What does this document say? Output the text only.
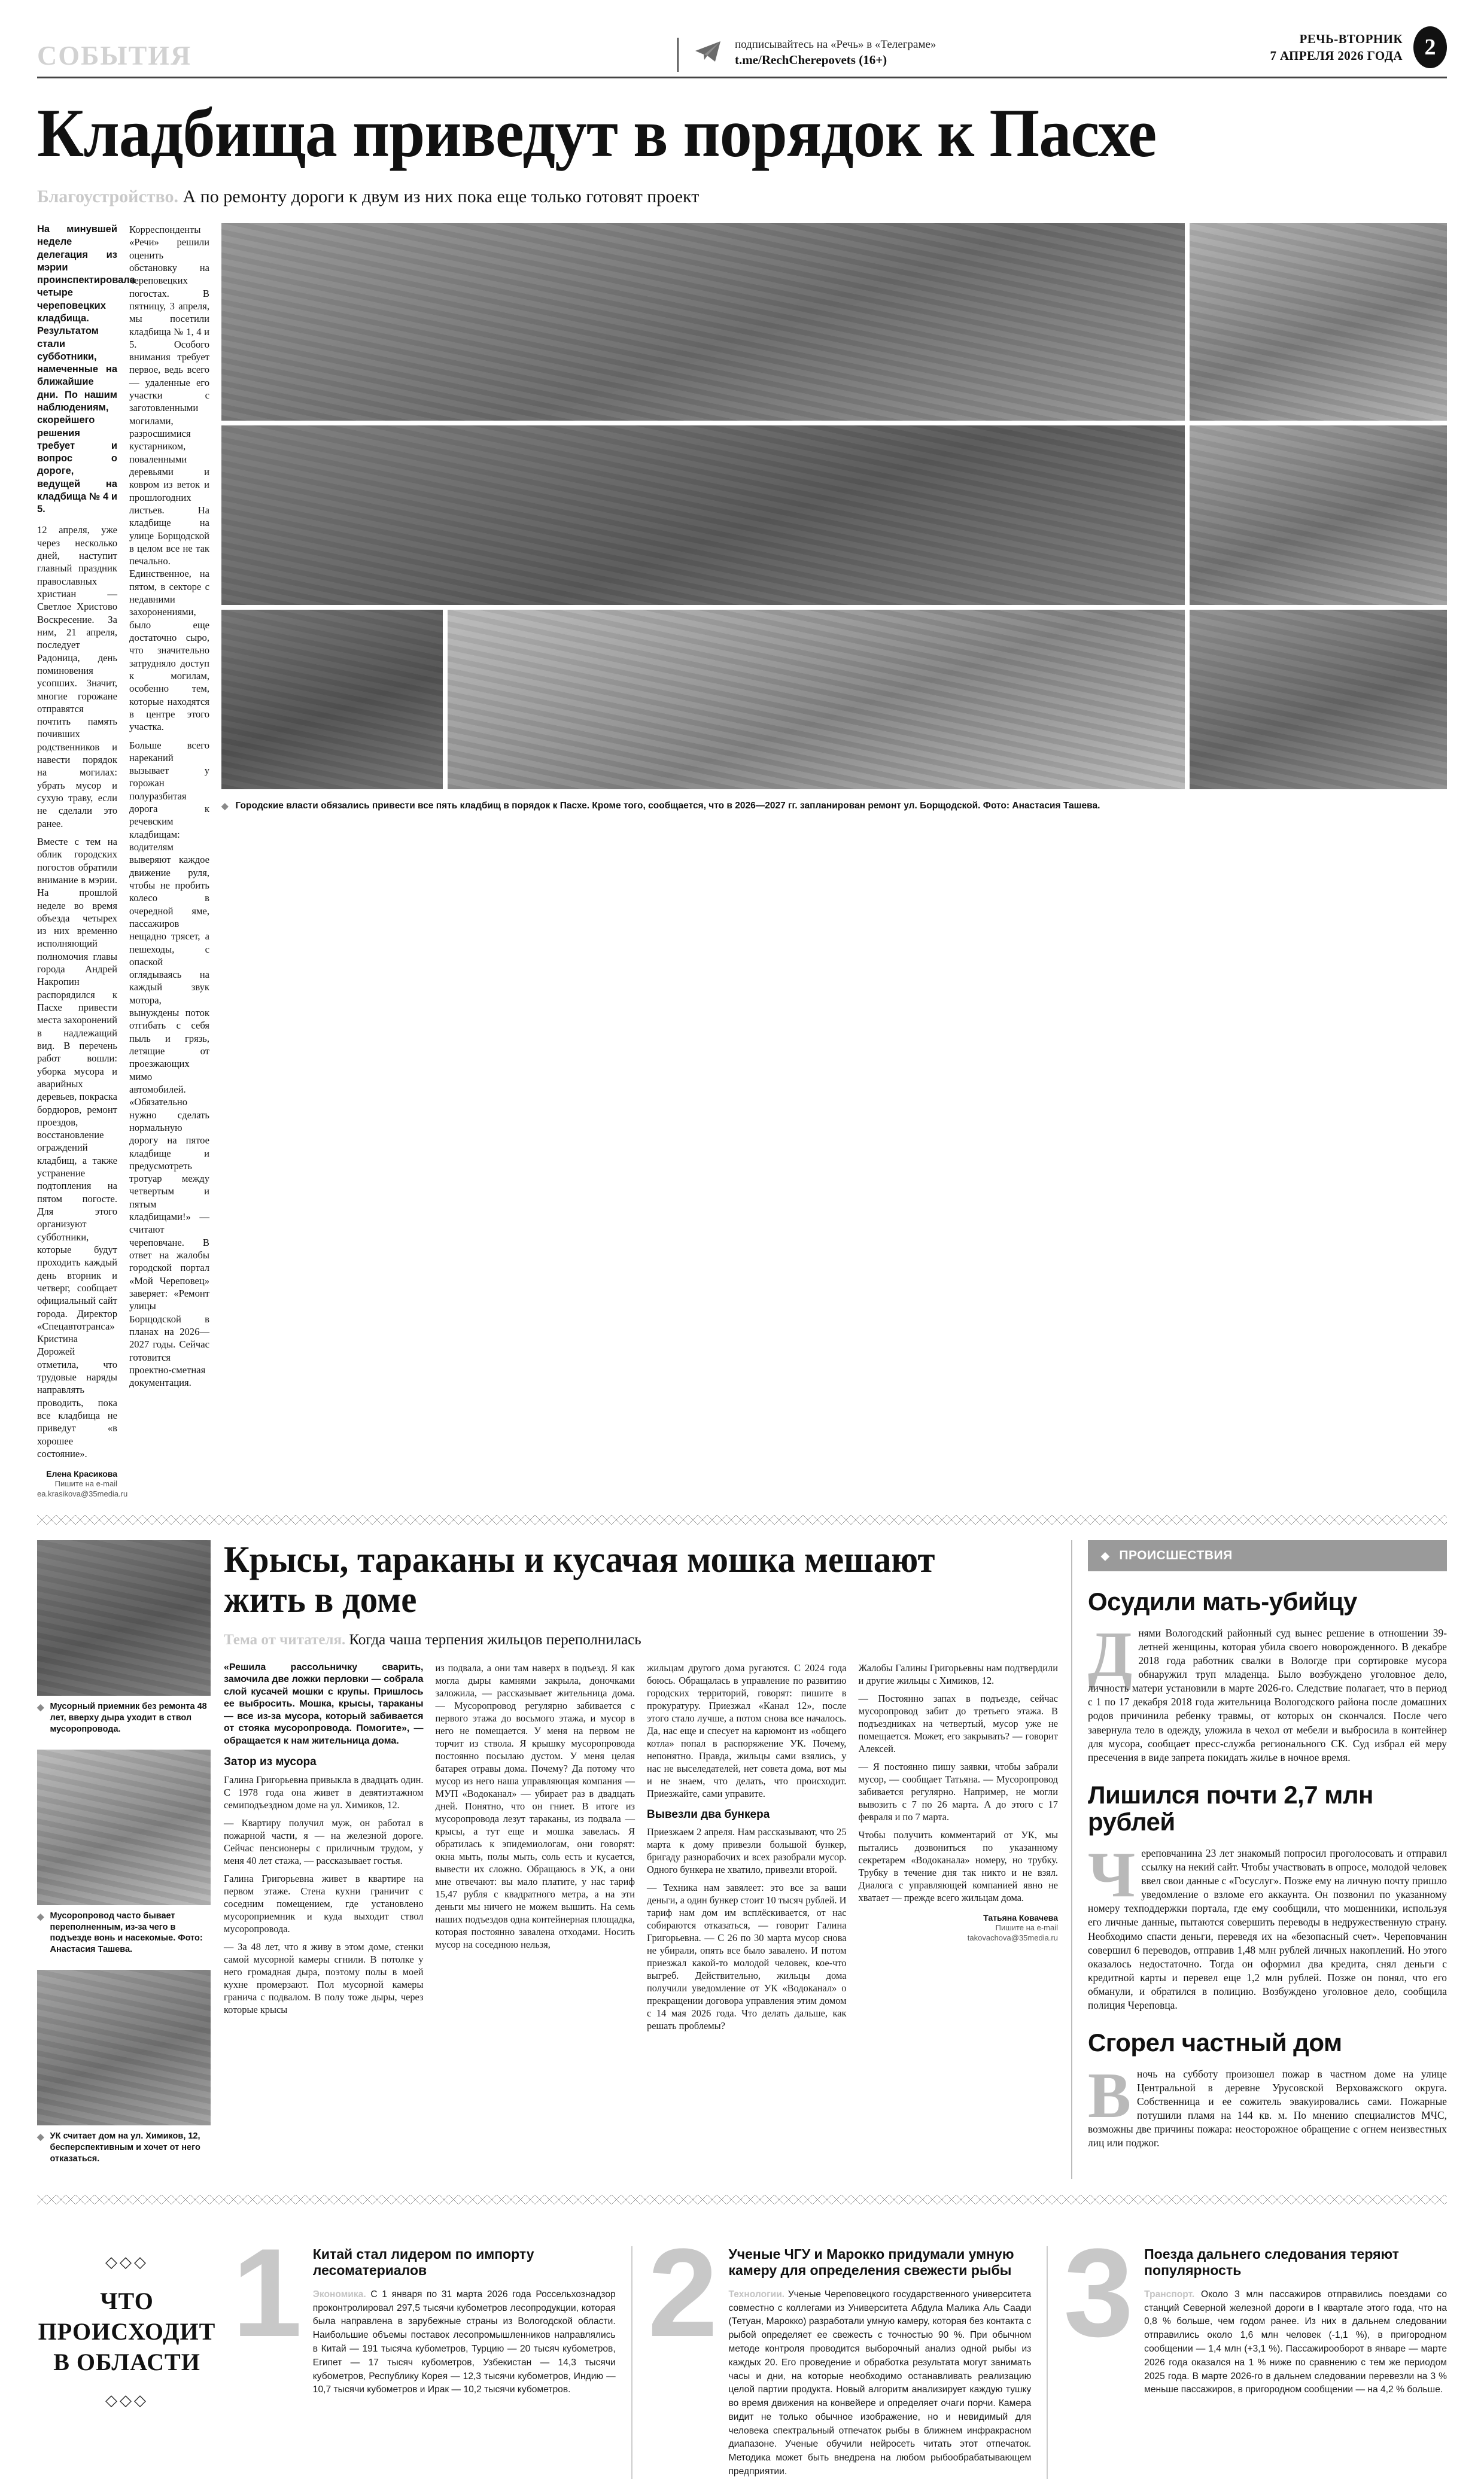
СОБЫТИЯ	подписывайтесь на «Речь» в «Телеграме»
t.me/RechCherepovets (16+)
РЕЧЬ-ВТОРНИК
7 АПРЕЛЯ 2026 ГОДА 2
Кладбища приведут в порядок к Пасхе
Благоустройство. А по ремонту дороги к двум из них пока еще только готовят проект
На минувшей неделе делегация из мэрии проинспектировала четыре череповецких кладбища. Результатом стали субботники, намеченные на ближайшие дни. По нашим наблюдениям, скорейшего решения требует и вопрос о дороге, ведущей на кладбища № 4 и 5.

12 апреля, уже через несколько дней, наступит главный праздник православных христиан — Светлое Христово Воскресение. За ним, 21 апреля, последует Радоница, день поминовения усопших. Значит, многие горожане отправятся почтить память почивших родственников и навести порядок на могилах: убрать мусор и сухую траву, если не сделали это ранее.

Вместе с тем на облик городских погостов обратили внимание в мэрии. На прошлой неделе во время объезда четырех из них временно исполняющий полномочия главы города Андрей Накропин распорядился к Пасхе привести места захоронений в надлежащий вид. В перечень работ вошли: уборка мусора и аварийных деревьев, покраска бордюров, ремонт проездов, восстановление ограждений кладбищ, а также устранение подтопления на пятом погосте. Для этого организуют субботники, которые будут проходить каждый день вторник и четверг, сообщает официальный сайт города. Директор «Спецавтотранса» Кристина Дорожей отметила, что трудовые наряды направлять проводить, пока все кладбища не приведут «в хорошее состояние».

Елена Красикова
Пишите на e-mail
ea.krasikova@35media.ru

Корреспонденты «Речи» решили оценить обстановку на череповецких погостах. В пятницу, 3 апреля, мы посетили кладбища № 1, 4 и 5. Особого внимания требует первое, ведь всего — удаленные его участки с заготовленными могилами, разросшимися кустарником, поваленными деревьями и ковром из веток и прошлогодних листьев. На кладбище на улице Борщодской в целом все не так печально. Единственное, на пятом, в секторе с недавними захоронениями, было еще достаточно сыро, что значительно затрудняло доступ к могилам, особенно тем, которые находятся в центре этого участка.

Больше всего нареканий вызывает у горожан полуразбитая дорога к речевским кладбищам: водителям выверяют каждое движение руля, чтобы не пробить колесо в очередной яме, пассажиров нещадно трясет, а пешеходы, с опаской оглядываясь на каждый звук мотора, вынуждены поток отгибать с себя пыль и грязь, летящие от проезжающих мимо автомобилей. «Обязательно нужно сделать нормальную дорогу на пятое кладбище и предусмотреть тротуар между четвертым и пятым кладбищами!» — считают череповчане. В ответ на жалобы городской портал «Мой Череповец» заверяет: «Ремонт улицы Борщодской в планах на 2026—2027 годы. Сейчас готовится проектно-сметная документация.

◆ Городские власти обязались привести все пять кладбищ в порядок к Пасхе. Кроме того, сообщается, что в 2026—2027 гг. запланирован ремонт ул. Борщодской. Фото: Анастасия Ташева.
◆ Мусорный приемник без ремонта 48 лет, вверху дыра уходит в ствол мусоропровода.
◆ Мусоропровод часто бывает переполненным, из-за чего в подъезде вонь и насекомые. Фото: Анастасия Ташева.
◆ УК считает дом на ул. Химиков, 12, бесперспективным и хочет от него отказаться.
Крысы, тараканы и кусачая мошка мешают жить в доме
Тема от читателя. Когда чаша терпения жильцов переполнилась

«Решила рассольничку сварить, замочила две ложки перловки — собрала слой кусачей мошки с крупы. Пришлось ее выбросить. Мошка, крысы, тараканы — все из-за мусора, который забивается от стояка мусоропровода. Помогите», — обращается к нам жительница дома.

Затор из мусора

Галина Григорьевна привыкла в двадцать один. С 1978 года она живет в девятиэтажном семиподъездном доме на ул. Химиков, 12.

— Квартиру получил муж, он работал в пожарной части, я — на железной дороге. Сейчас пенсионеры с приличным трудом, у меня 40 лет стажа, — рассказывает гостья.

Галина Григорьевна живет в квартире на первом этаже. Стена кухни граничит с соседним помещением, где установлено мусороприемник и куда выходит ствол мусоропровода.

— За 48 лет, что я живу в этом доме, стенки самой мусорной камеры сгнили. В потолке у него громадная дыра, поэтому полы в моей кухне промерзают. Пол мусорной камеры гранича с подвалом. В полу тоже дыры, через которые крысы

из подвала, а они там наверх в подъезд. Я как могла дыры камнями закрыла, доночками заложила, — рассказывает жительница дома. — Мусоропровод регулярно забивается с первого этажа до восьмого этажа, и мусор в него не помещается. У меня на первом не торчит из ствола. Я крышку мусоропровода постоянно посылаю дустом. У меня целая батарея отравы дома. Почему? Да потому что мусор из него наша управляющая компания — МУП «Водоканал» — убирает раз в двадцать дней. Понятно, что он гниет. В итоге из мусоропровода лезут тараканы, из подвала — крысы, а тут еще и мошка завелась. Я обратилась к эпидемиологам, они говорят: окна мыть, полы мыть, соль есть и кусается, вывести их сложно. Обращаюсь в УК, а они мне отвечают: вы мало платите, у нас тариф 15,47 рубля с квадратного метра, а на эти деньги мы ничего не можем вышить. На семь наших подъездов одна контейнерная площадка, которая постоянно завалена отходами. Носить мусор на соседнюю нельзя,

жильцам другого дома ругаются. С 2024 года боюсь. Обращалась в управление по развитию городских территорий, говорят: пишите в прокуратуру. Приезжал «Канал 12», после этого стало лучше, а потом снова все началось. Да, нас еще и спесует на карюмонт из «общего котла» попал в распоряжение УК. Почему, непонятно. Правда, жильцы сами взялись, у нас не выселедателей, нет совета дома, вот мы и не знаем, что делать, что происходит. Приезжайте, сами управите.

Вывезли два бункера

Приезжаем 2 апреля. Нам рассказывают, что 25 марта к дому привезли большой бункер, бригаду разнорабочих и всех разобрали мусор. Одного бункера не хватило, привезли второй.

— Техника нам завялеет: это все за ваши деньги, а один бункер стоит 10 тысяч рублей. И тариф нам дом им всплёскивается, от нас собираются отказаться, — говорит Галина Григорьевна. — С 26 по 30 марта мусор снова не убирали, опять все было завалено. И потом приезжал какой-то молодой человек, кое-что выгреб. Действительно, жильцы дома получили уведомление от УК «Водоканал» о прекращении договора управления этим домом с 14 мая 2026 года. Что делать дальше, как решать проблемы?

Жалобы Галины Григорьевны нам подтвердили и другие жильцы с Химиков, 12.

— Постоянно запах в подъезде, сейчас мусоропровод забит до третьего этажа. В подъездниках на четвертый, мусор уже не помещается. Может, его закрывать? — говорит Алексей.

— Я постоянно пишу заявки, чтобы забрали мусор, — сообщает Татьяна. — Мусоропровод забивается регулярно. Например, не могли вывозить с 7 по 26 марта. А до этого с 17 февраля и по 7 марта.

Чтобы получить комментарий от УК, мы пытались дозвониться по указанному секретарем «Водоканала» номеру, но трубку. Трубку в течение дня так никто и не взял. Диалога с управляющей компанией явно не хватает — прежде всего жильцам дома.

Татьяна Ковачева
Пишите на e-mail
takovachova@35media.ru
◆ ПРОИСШЕСТВИЯ
Осудили мать-убийцу
Д нями Вологодский районный суд вынес решение в отношении 39-летней женщины, которая убила своего новорожденного. В декабре 2018 года работник свалки в Вологде при сортировке мусора обнаружил труп младенца. Было возбуждено уголовное дело, личность матери установили в марте 2026-го. Следствие полагает, что в период с 1 по 17 декабря 2018 года жительница Вологодского района после домашних родов причинила ребенку травмы, от которых он скончался. После чего завернула тело в одежду, уложила в чехол от мебели и выбросила в контейнер для мусора, сообщает пресс-служба регионального СК. Суд избрал ей меру пресечения в виде запрета покидать жилье в ночное время.
Лишился почти 2,7 млн рублей
Ч ереповчанина 23 лет знакомый попросил проголосовать и отправил ссылку на некий сайт. Чтобы участвовать в опросе, молодой человек ввел свои данные с «Госуслуг». Позже ему на личную почту пришло уведомление о взломе его аккаунта. Он позвонил по указанному номеру техподдержки портала, где ему сообщили, что мошенники, используя его личные данные, пытаются совершить переводы в недружественную страну. Необходимо спасти деньги, переведя их на «безопасный счет». Череповчанин совершил 6 переводов, отправив 1,48 млн рублей личных накоплений. Но этого оказалось недостаточно. Тогда он оформил два кредита, снял деньги с кредитной карты и перевел еще 1,2 млн рублей. Позже он понял, что его обманули, и обратился в полицию. Возбуждено уголовное дело, сообщила полиция Череповца.
Сгорел частный дом
В ночь на субботу произошел пожар в частном доме на улице Центральной в деревне Урусовской Верховажского округа. Собственница и ее сожитель эвакуировались сами. Пожарные потушили пламя на 144 кв. м. По мнению специалистов МЧС, возможны две причины пожара: неосторожное обращение с огнем неизвестных лиц или поджог.
◇◇◇
ЧТО
ПРОИСХОДИТ
В ОБЛАСТИ
◇◇◇
1 Китай стал лидером по импорту лесоматериалов
Экономика. С 1 января по 31 марта 2026 года Россельхознадзор проконтролировал 297,5 тысячи кубометров лесопродукции, которая была направлена в зарубежные страны из Вологодской области. Наибольшие объемы поставок лесопромышленников направлялись в Китай — 191 тысяча кубометров, Турцию — 20 тысяч кубометров, Египет — 17 тысяч кубометров, Узбекистан — 14,3 тысячи кубометров, Республику Корея — 12,3 тысячи кубометров, Индию — 10,7 тысячи кубометров и Ирак — 10,2 тысячи кубометров.
2 Ученые ЧГУ и Марокко придумали умную камеру для определения свежести рыбы
Технологии. Ученые Череповецкого государственного университета совместно с коллегами из Университета Абдула Малика Аль Саади (Тетуан, Марокко) разработали умную камеру, которая без контакта с рыбой определяет ее свежесть с точностью 90 %. При обычном методе контроля проводится выборочный анализ одной рыбы из каждых 20. Его проведение и обработка результата могут занимать часы и дни, на которые необходимо останавливать реализацию целой партии продукта. Новый алгоритм анализирует каждую тушку во время движения на конвейере и определяет очаги порчи. Камера видит не только обычное изображение, но и невидимый для человека спектральный отпечаток рыбы в ближнем инфракрасном диапазоне. Ученые обучили нейросеть читать этот отпечаток. Методика может быть внедрена на любом рыбообрабатывающем предприятии.
3 Поезда дальнего следования теряют популярность
Транспорт. Около 3 млн пассажиров отправились поездами со станций Северной железной дороги в I квартале этого года, что на 0,8 % больше, чем годом ранее. Из них в дальнем следовании отправились около 1,6 млн человек (-1,1 %), в пригородном сообщении — 1,4 млн (+3,1 %). Пассажирооборот в январе — марте 2026 года оказался на 1 % ниже по сравнению с тем же периодом 2025 года. В марте 2026-го в дальнем следовании перевезли на 3 % меньше пассажиров, в пригородном сообщении — на 4,2 % больше.
